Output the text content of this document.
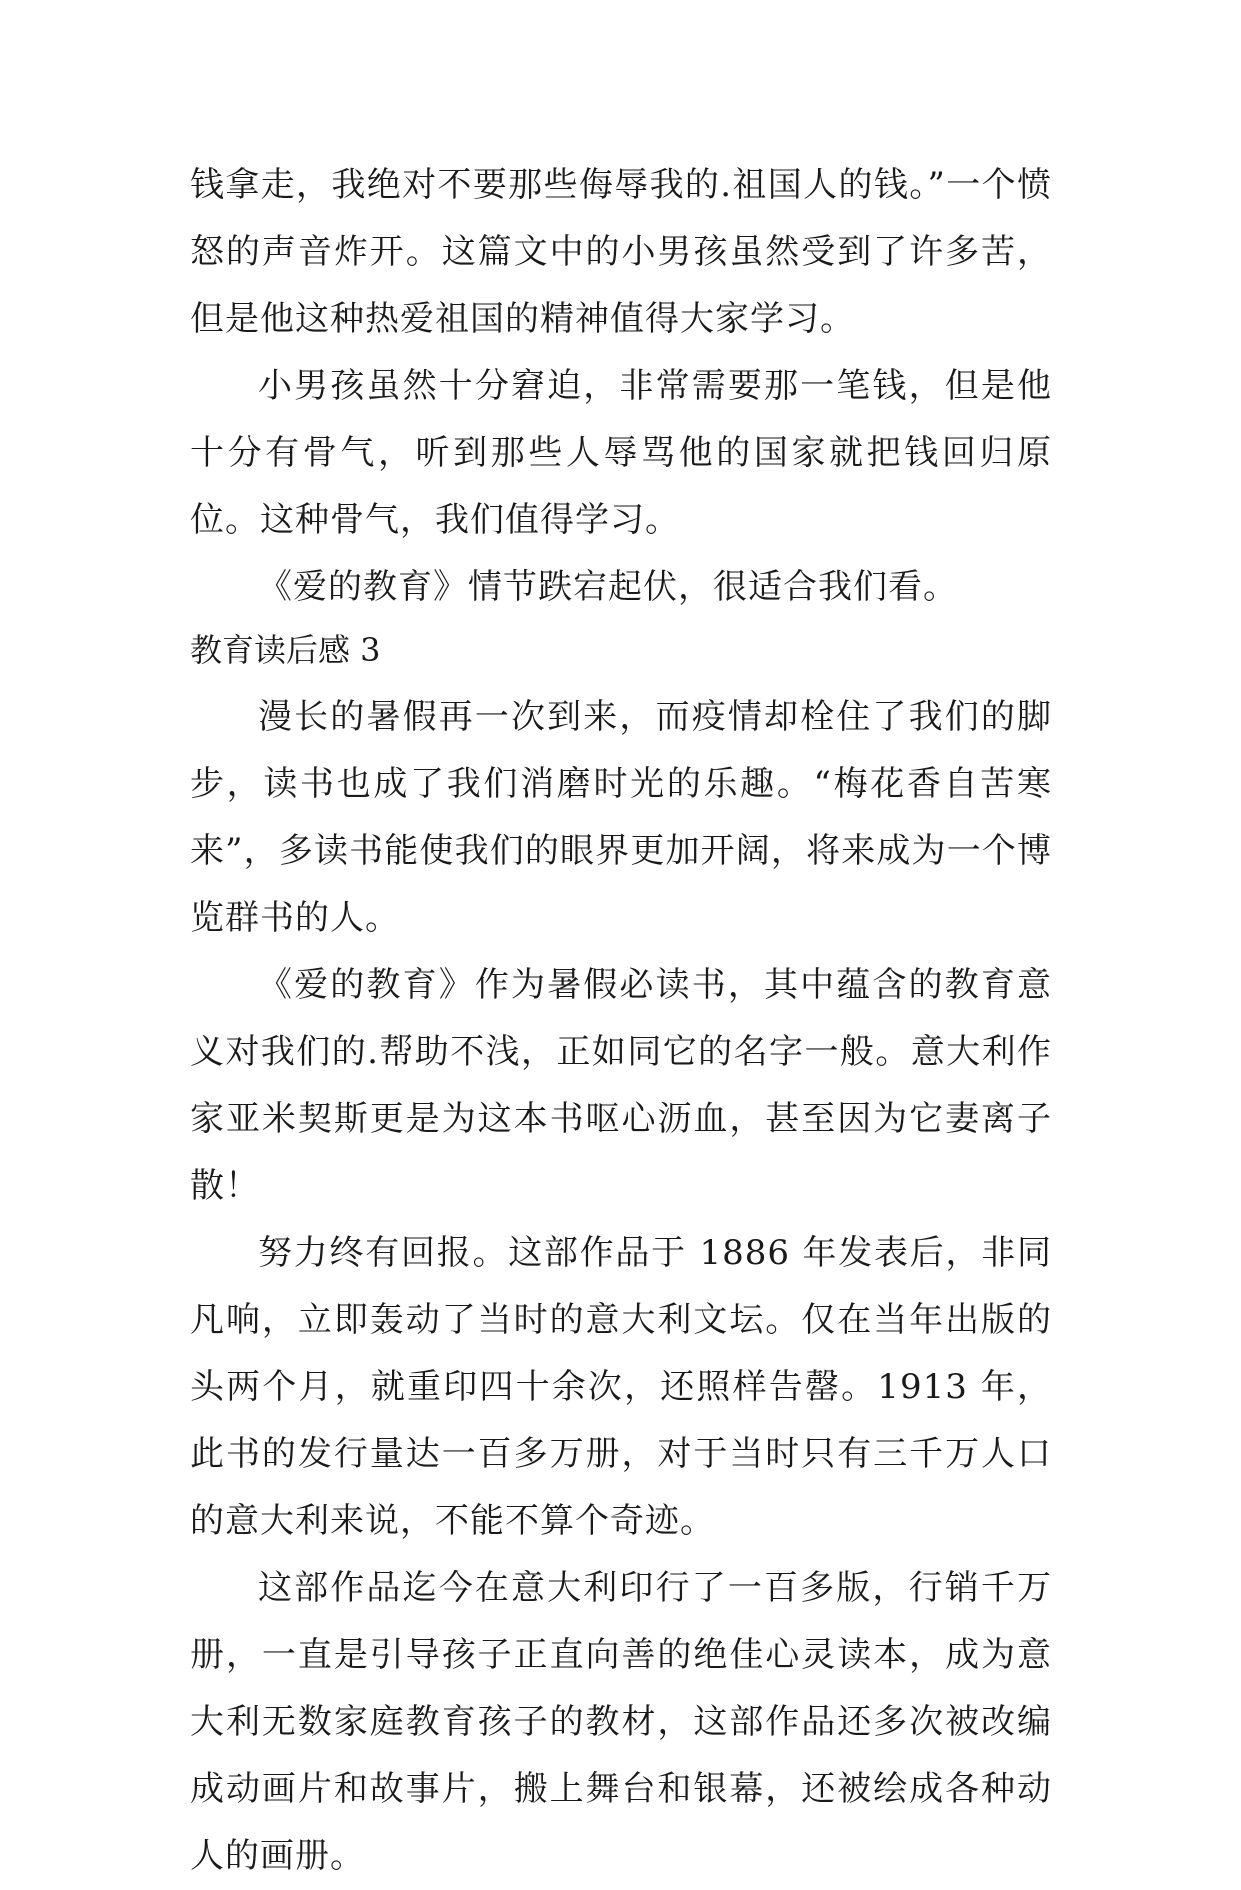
钱拿走，我绝对不要那些侮辱我的.祖国人的钱。”一个愤怒的声音炸开。这篇文中的小男孩虽然受到了许多苦，但是他这种热爱祖国的精神值得大家学习。

小男孩虽然十分窘迫，非常需要那一笔钱，但是他十分有骨气，听到那些人辱骂他的国家就把钱回归原位。这种骨气，我们值得学习。

《爱的教育》情节跌宕起伏，很适合我们看。

教育读后感 3

漫长的暑假再一次到来，而疫情却栓住了我们的脚步，读书也成了我们消磨时光的乐趣。“梅花香自苦寒来”，多读书能使我们的眼界更加开阔，将来成为一个博览群书的人。

《爱的教育》作为暑假必读书，其中蕴含的教育意义对我们的.帮助不浅，正如同它的名字一般。意大利作家亚米契斯更是为这本书呕心沥血，甚至因为它妻离子散！

努力终有回报。这部作品于 1886 年发表后，非同凡响，立即轰动了当时的意大利文坛。仅在当年出版的头两个月，就重印四十余次，还照样告罄。1913 年，此书的发行量达一百多万册，对于当时只有三千万人口的意大利来说，不能不算个奇迹。

这部作品迄今在意大利印行了一百多版，行销千万册，一直是引导孩子正直向善的绝佳心灵读本，成为意大利无数家庭教育孩子的教材，这部作品还多次被改编成动画片和故事片，搬上舞台和银幕，还被绘成各种动人的画册。
